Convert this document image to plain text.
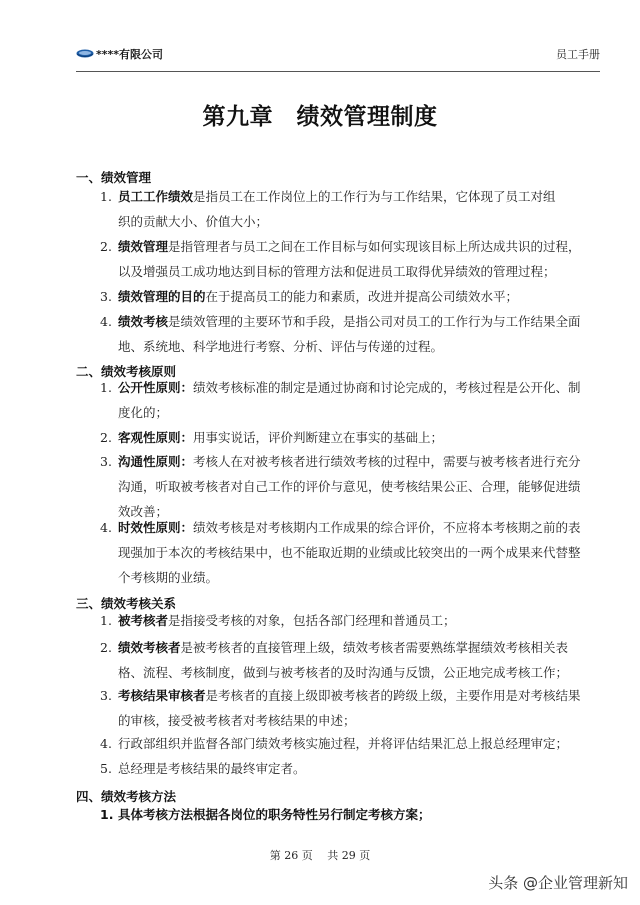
****有限公司	员工手册
第九章　绩效管理制度
一、绩效管理
1. 员工工作绩效是指员工在工作岗位上的工作行为与工作结果，它体现了员工对组
织的贡献大小、价值大小；
2. 绩效管理是指管理者与员工之间在工作目标与如何实现该目标上所达成共识的过程，
以及增强员工成功地达到目标的管理方法和促进员工取得优异绩效的管理过程；
3. 绩效管理的目的在于提高员工的能力和素质，改进并提高公司绩效水平；
4. 绩效考核是绩效管理的主要环节和手段，是指公司对员工的工作行为与工作结果全面
地、系统地、科学地进行考察、分析、评估与传递的过程。
二、绩效考核原则
1. 公开性原则：绩效考核标准的制定是通过协商和讨论完成的，考核过程是公开化、制
度化的；
2. 客观性原则：用事实说话，评价判断建立在事实的基础上；
3. 沟通性原则：考核人在对被考核者进行绩效考核的过程中，需要与被考核者进行充分
沟通，听取被考核者对自己工作的评价与意见，使考核结果公正、合理，能够促进绩
效改善；
4. 时效性原则：绩效考核是对考核期内工作成果的综合评价，不应将本考核期之前的表
现强加于本次的考核结果中，也不能取近期的业绩或比较突出的一两个成果来代替整
个考核期的业绩。
三、绩效考核关系
1. 被考核者是指接受考核的对象，包括各部门经理和普通员工；
2. 绩效考核者是被考核者的直接管理上级，绩效考核者需要熟练掌握绩效考核相关表
格、流程、考核制度，做到与被考核者的及时沟通与反馈，公正地完成考核工作；
3. 考核结果审核者是考核者的直接上级即被考核者的跨级上级，主要作用是对考核结果
的审核，接受被考核者对考核结果的申述；
4. 行政部组织并监督各部门绩效考核实施过程，并将评估结果汇总上报总经理审定；
5. 总经理是考核结果的最终审定者。
四、绩效考核方法
1. 具体考核方法根据各岗位的职务特性另行制定考核方案；
第 26 页　 共 29 页
头条 @企业管理新知
